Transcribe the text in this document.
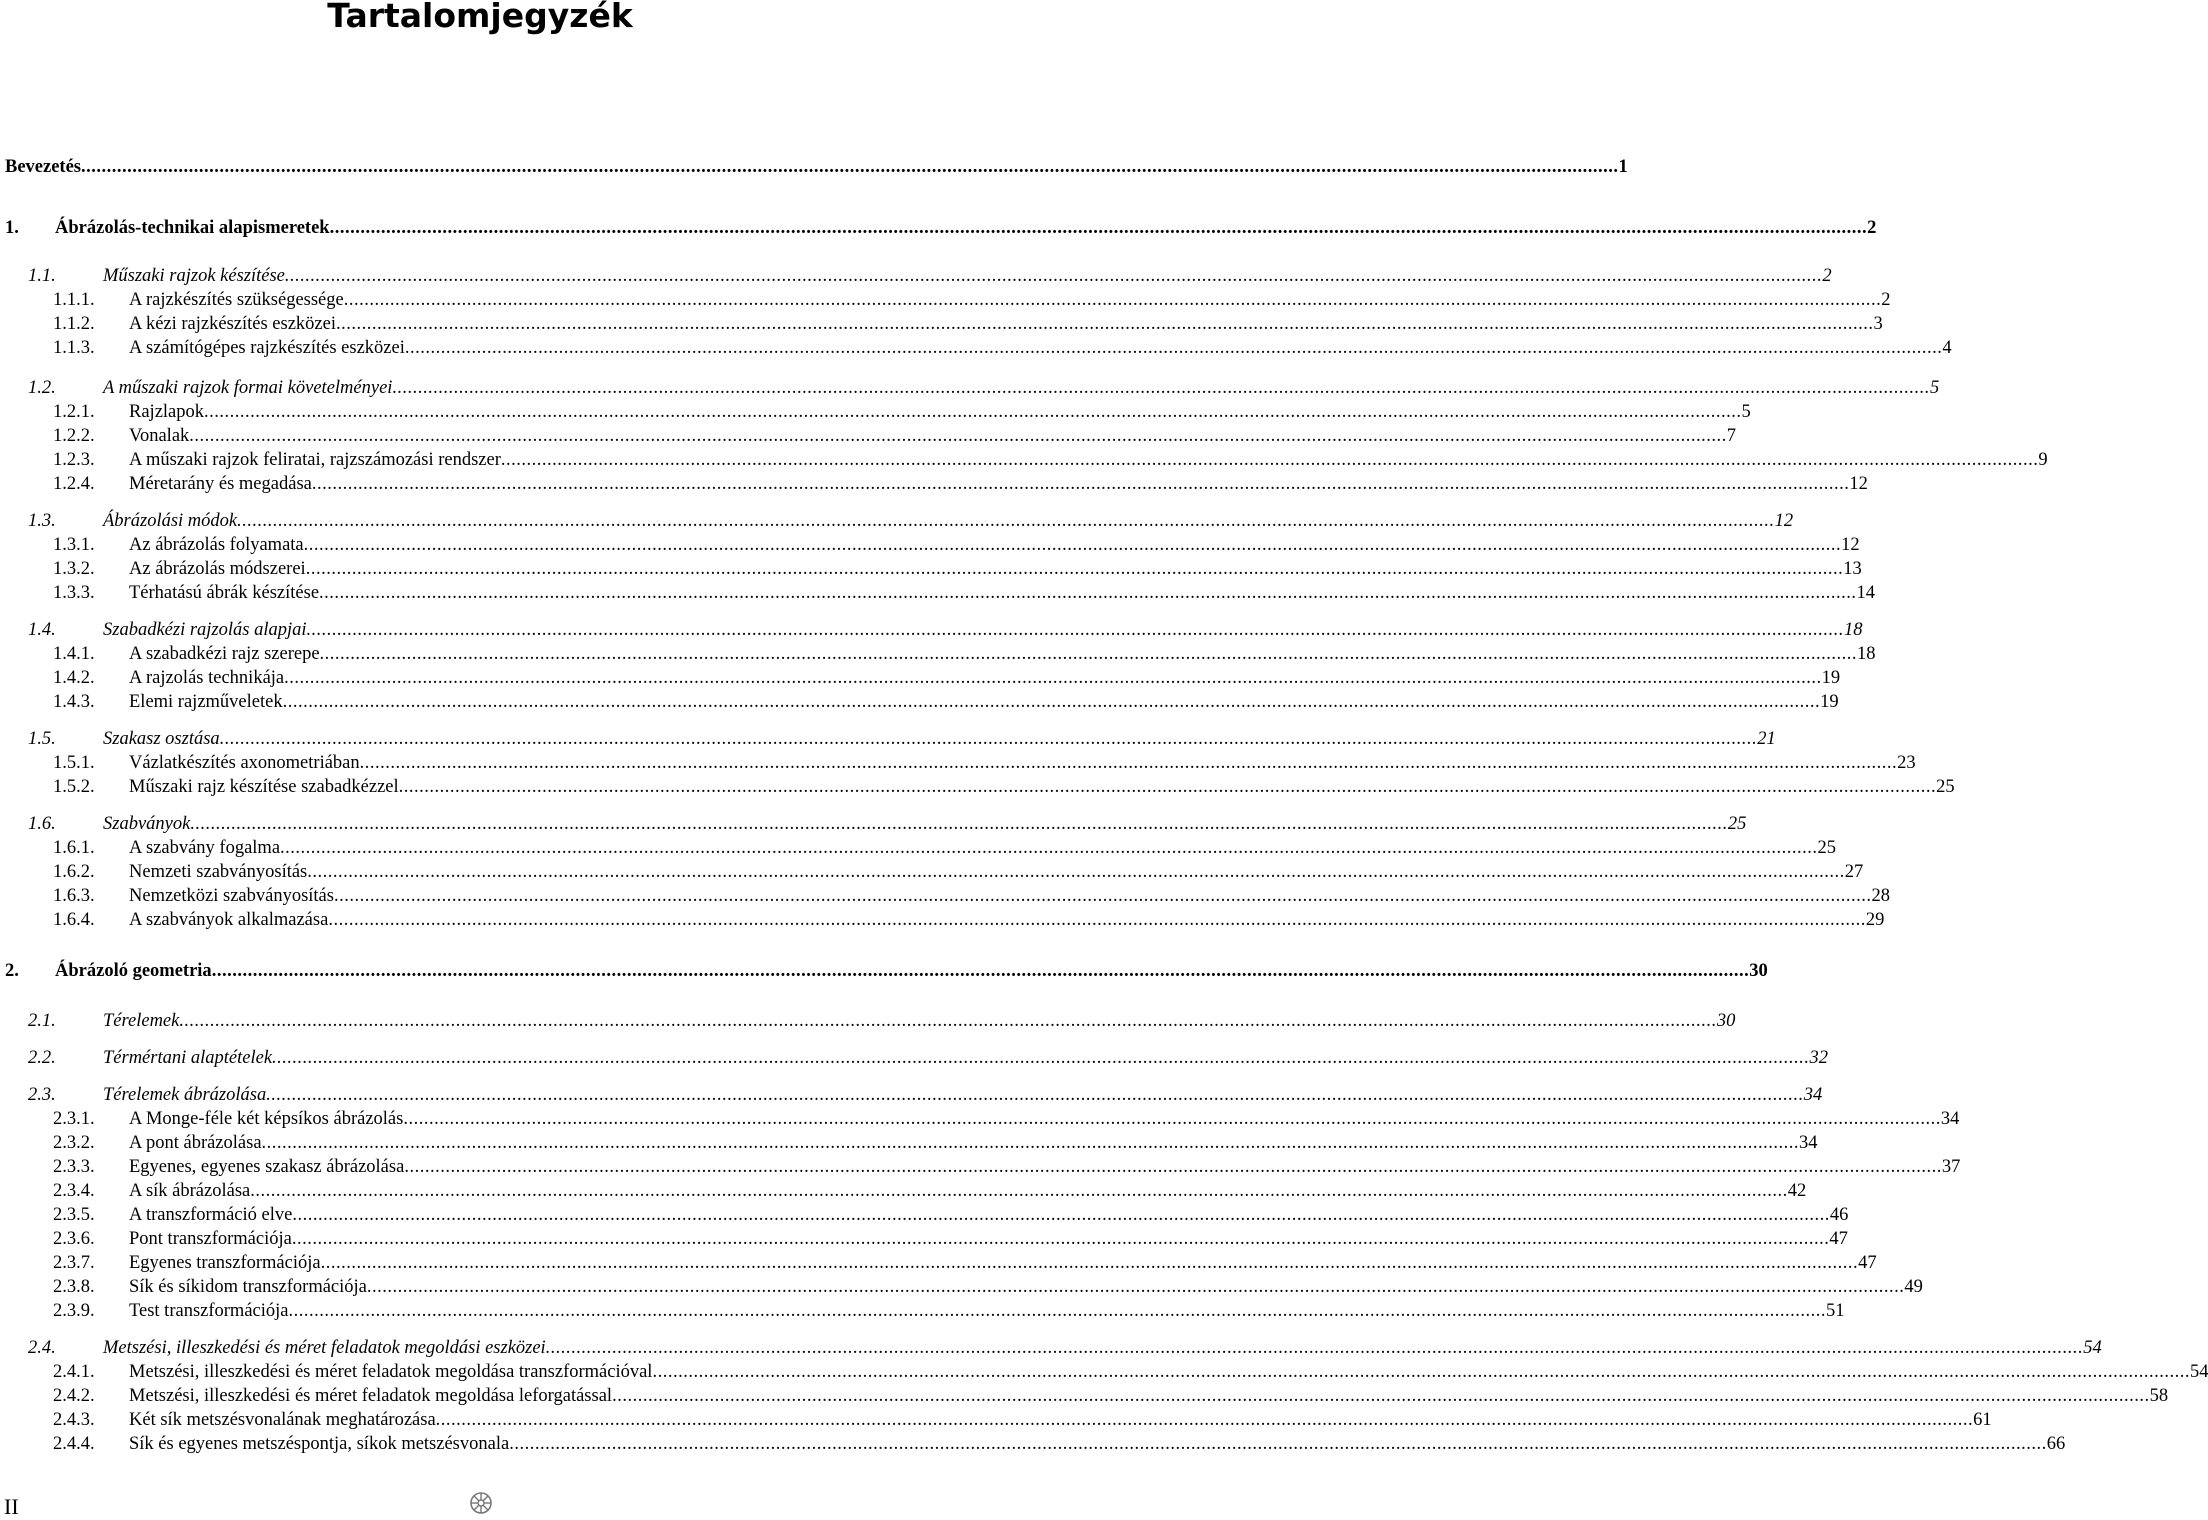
Tartalomjegyzék
Bevezetés ............................................................................................................................................................................................................................................................................................................ 1
1. Ábrázolás-technikai alapismeretek ............................................................................................................................................................................................................................................................................................................ 2
1.1.	Műszaki rajzok készítése ............................................................................................................................................................................................................................................................................................................ 2
1.1.1. A rajzkészítés szükségessége ............................................................................................................................................................................................................................................................................................................ 2
1.1.2. A kézi rajzkészítés eszközei ............................................................................................................................................................................................................................................................................................................ 3
1.1.3. A számítógépes rajzkészítés eszközei ............................................................................................................................................................................................................................................................................................................ 4
1.2.	A műszaki rajzok formai követelményei ............................................................................................................................................................................................................................................................................................................ 5
1.2.1. Rajzlapok ............................................................................................................................................................................................................................................................................................................ 5
1.2.2. Vonalak ............................................................................................................................................................................................................................................................................................................ 7
1.2.3. A műszaki rajzok feliratai, rajzszámozási rendszer ............................................................................................................................................................................................................................................................................................................ 9
1.2.4. Méretarány és megadása ............................................................................................................................................................................................................................................................................................................ 12
1.3.	Ábrázolási módok ............................................................................................................................................................................................................................................................................................................ 12
1.3.1. Az ábrázolás folyamata ............................................................................................................................................................................................................................................................................................................ 12
1.3.2. Az ábrázolás módszerei ............................................................................................................................................................................................................................................................................................................ 13
1.3.3. Térhatású ábrák készítése ............................................................................................................................................................................................................................................................................................................ 14
1.4.	Szabadkézi rajzolás alapjai ............................................................................................................................................................................................................................................................................................................ 18
1.4.1. A szabadkézi rajz szerepe ............................................................................................................................................................................................................................................................................................................ 18
1.4.2. A rajzolás technikája ............................................................................................................................................................................................................................................................................................................ 19
1.4.3. Elemi rajzműveletek ............................................................................................................................................................................................................................................................................................................ 19
1.5.	Szakasz osztása ............................................................................................................................................................................................................................................................................................................ 21
1.5.1. Vázlatkészítés axonometriában ............................................................................................................................................................................................................................................................................................................ 23
1.5.2. Műszaki rajz készítése szabadkézzel ............................................................................................................................................................................................................................................................................................................ 25
1.6.	Szabványok ............................................................................................................................................................................................................................................................................................................ 25
1.6.1. A szabvány fogalma ............................................................................................................................................................................................................................................................................................................ 25
1.6.2. Nemzeti szabványosítás ............................................................................................................................................................................................................................................................................................................ 27
1.6.3. Nemzetközi szabványosítás ............................................................................................................................................................................................................................................................................................................ 28
1.6.4. A szabványok alkalmazása ............................................................................................................................................................................................................................................................................................................ 29
2. Ábrázoló geometria ............................................................................................................................................................................................................................................................................................................ 30
2.1.	Térelemek ............................................................................................................................................................................................................................................................................................................ 30
2.2.	Térmértani alaptételek ............................................................................................................................................................................................................................................................................................................ 32
2.3.	Térelemek ábrázolása ............................................................................................................................................................................................................................................................................................................ 34
2.3.1. A Monge-féle két képsíkos ábrázolás ............................................................................................................................................................................................................................................................................................................ 34
2.3.2. A pont ábrázolása ............................................................................................................................................................................................................................................................................................................ 34
2.3.3. Egyenes, egyenes szakasz ábrázolása ............................................................................................................................................................................................................................................................................................................ 37
2.3.4. A sík ábrázolása ............................................................................................................................................................................................................................................................................................................ 42
2.3.5. A transzformáció elve ............................................................................................................................................................................................................................................................................................................ 46
2.3.6. Pont transzformációja ............................................................................................................................................................................................................................................................................................................ 47
2.3.7. Egyenes transzformációja ............................................................................................................................................................................................................................................................................................................ 47
2.3.8. Sík és síkidom transzformációja ............................................................................................................................................................................................................................................................................................................ 49
2.3.9. Test transzformációja ............................................................................................................................................................................................................................................................................................................ 51
2.4.	Metszési, illeszkedési és méret feladatok megoldási eszközei ............................................................................................................................................................................................................................................................................................................ 54
2.4.1. Metszési, illeszkedési és méret feladatok megoldása transzformációval ............................................................................................................................................................................................................................................................................................................ 54
2.4.2. Metszési, illeszkedési és méret feladatok megoldása leforgatással ............................................................................................................................................................................................................................................................................................................ 58
2.4.3. Két sík metszésvonalának meghatározása ............................................................................................................................................................................................................................................................................................................ 61
2.4.4. Sík és egyenes metszéspontja, síkok metszésvonala ............................................................................................................................................................................................................................................................................................................ 66
II
